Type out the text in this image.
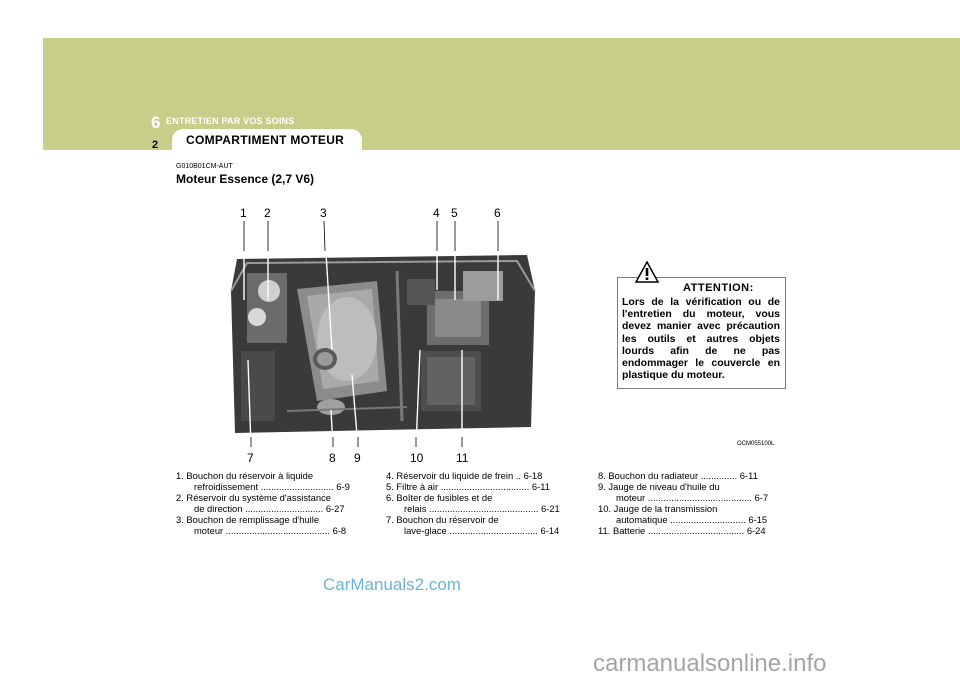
6 ENTRETIEN PAR VOS SOINS
2 COMPARTIMENT MOTEUR
G010B01CM-AUT
Moteur Essence (2,7 V6)
1 2	3	4 5	6
7	8 9	10	11
ATTENTION:
Lors de la vérification ou de l'entretien du moteur, vous devez manier avec précaution les outils et autres objets lourds afin de ne pas endommager le couvercle en plastique du moteur.
OCM055100L
1. Bouchon du réservoir à liquide
refroidissement ............................ 6-9
2. Réservoir du système d'assistance
de direction .............................. 6-27
3. Bouchon de remplissage d'huile
moteur ........................................ 6-8
4. Réservoir du liquide de frein .. 6-18
5. Filtre à air .................................. 6-11
6. Boîter de fusibles et de
relais .......................................... 6-21
7. Bouchon du réservoir de
lave-glace .................................. 6-14
8. Bouchon du radiateur .............. 6-11
9. Jauge de niveau d'huile du
moteur ........................................ 6-7
10. Jauge de la transmission
automatique ............................. 6-15
11. Batterie ..................................... 6-24
CarManuals2.com
carmanualsonline.info
